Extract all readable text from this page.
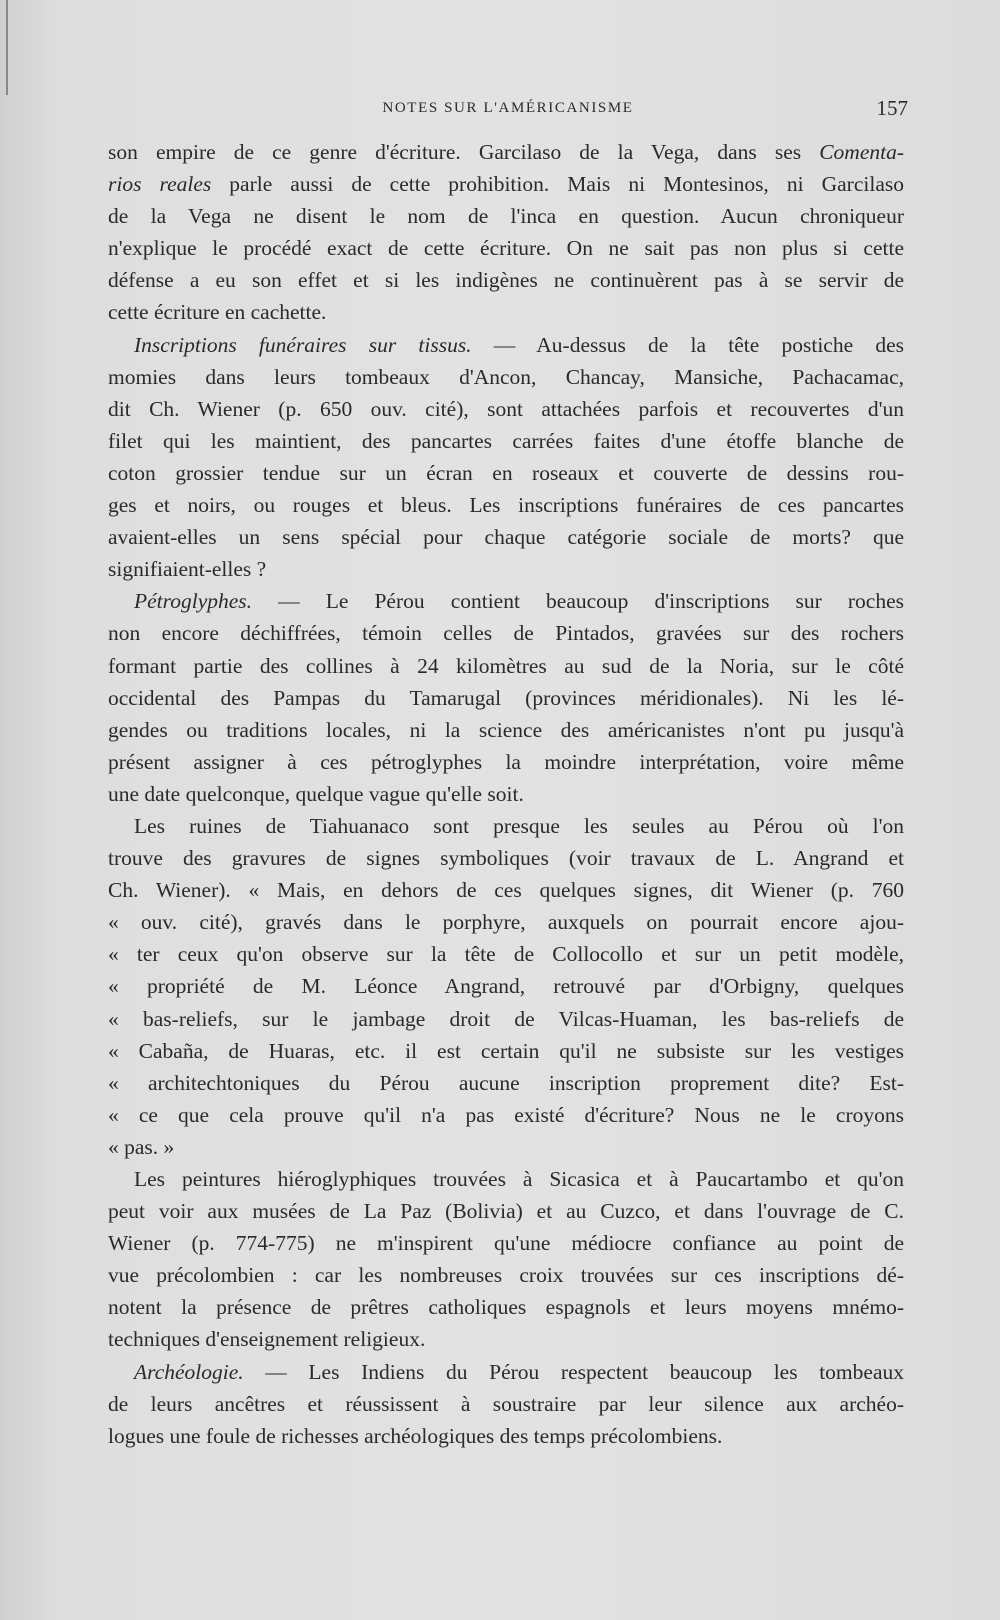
NOTES SUR L'AMÉRICANISME	157

son empire de ce genre d'écriture. Garcilaso de la Vega, dans ses Comenta-
rios reales parle aussi de cette prohibition. Mais ni Montesinos, ni Garcilaso
de la Vega ne disent le nom de l'inca en question. Aucun chroniqueur
n'explique le procédé exact de cette écriture. On ne sait pas non plus si cette
défense a eu son effet et si les indigènes ne continuèrent pas à se servir de
cette écriture en cachette.

Inscriptions funéraires sur tissus. — Au-dessus de la tête postiche des
momies dans leurs tombeaux d'Ancon, Chancay, Mansiche, Pachacamac,
dit Ch. Wiener (p. 650 ouv. cité), sont attachées parfois et recouvertes d'un
filet qui les maintient, des pancartes carrées faites d'une étoffe blanche de
coton grossier tendue sur un écran en roseaux et couverte de dessins rou-
ges et noirs, ou rouges et bleus. Les inscriptions funéraires de ces pancartes
avaient-elles un sens spécial pour chaque catégorie sociale de morts? que
signifiaient-elles ?

Pétroglyphes. — Le Pérou contient beaucoup d'inscriptions sur roches
non encore déchiffrées, témoin celles de Pintados, gravées sur des rochers
formant partie des collines à 24 kilomètres au sud de la Noria, sur le côté
occidental des Pampas du Tamarugal (provinces méridionales). Ni les lé-
gendes ou traditions locales, ni la science des américanistes n'ont pu jusqu'à
présent assigner à ces pétroglyphes la moindre interprétation, voire même
une date quelconque, quelque vague qu'elle soit.

Les ruines de Tiahuanaco sont presque les seules au Pérou où l'on
trouve des gravures de signes symboliques (voir travaux de L. Angrand et
Ch. Wiener). « Mais, en dehors de ces quelques signes, dit Wiener (p. 760
« ouv. cité), gravés dans le porphyre, auxquels on pourrait encore ajou-
« ter ceux qu'on observe sur la tête de Collocollo et sur un petit modèle,
« propriété de M. Léonce Angrand, retrouvé par d'Orbigny, quelques
« bas-reliefs, sur le jambage droit de Vilcas-Huaman, les bas-reliefs de
« Cabaña, de Huaras, etc. il est certain qu'il ne subsiste sur les vestiges
« architechtoniques du Pérou aucune inscription proprement dite? Est-
« ce que cela prouve qu'il n'a pas existé d'écriture? Nous ne le croyons
« pas. »

Les peintures hiéroglyphiques trouvées à Sicasica et à Paucartambo et qu'on
peut voir aux musées de La Paz (Bolivia) et au Cuzco, et dans l'ouvrage de C.
Wiener (p. 774-775) ne m'inspirent qu'une médiocre confiance au point de
vue précolombien : car les nombreuses croix trouvées sur ces inscriptions dé-
notent la présence de prêtres catholiques espagnols et leurs moyens mnémo-
techniques d'enseignement religieux.

Archéologie. — Les Indiens du Pérou respectent beaucoup les tombeaux
de leurs ancêtres et réussissent à soustraire par leur silence aux archéo-
logues une foule de richesses archéologiques des temps précolombiens.
